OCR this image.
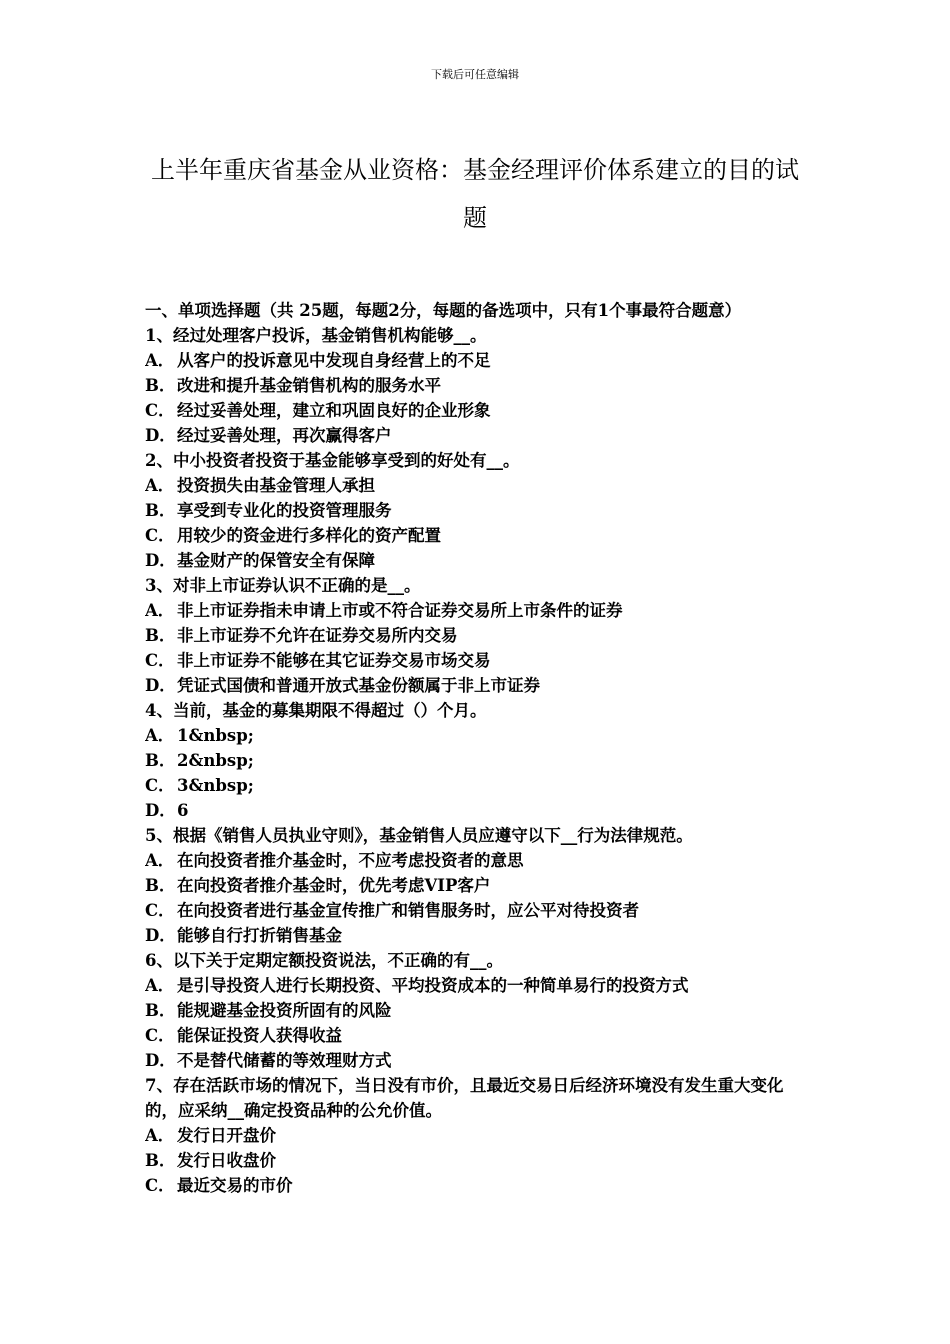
下载后可任意编辑
上半年重庆省基金从业资格：基金经理评价体系建立的目的试题
一、单项选择题（共 25题，每题2分，每题的备选项中，只有1个事最符合题意）
1、经过处理客户投诉，基金销售机构能够__。
A． 从客户的投诉意见中发现自身经营上的不足
B．改进和提升基金销售机构的服务水平
C． 经过妥善处理，建立和巩固良好的企业形象
D．经过妥善处理，再次赢得客户
2、中小投资者投资于基金能够享受到的好处有__。
A． 投资损失由基金管理人承担
B．享受到专业化的投资管理服务
C． 用较少的资金进行多样化的资产配置
D．基金财产的保管安全有保障
3、对非上市证券认识不正确的是__。
A． 非上市证券指未申请上市或不符合证券交易所上市条件的证券
B．非上市证券不允许在证券交易所内交易
C． 非上市证券不能够在其它证券交易市场交易
D．凭证式国债和普通开放式基金份额属于非上市证券
4、当前，基金的募集期限不得超过（）个月。
A． 1&nbsp;
B．2&nbsp;
C． 3&nbsp;
D．6
5、根据《销售人员执业守则》，基金销售人员应遵守以下__行为法律规范。
A． 在向投资者推介基金时，不应考虑投资者的意思
B．在向投资者推介基金时，优先考虑VIP客户
C． 在向投资者进行基金宣传推广和销售服务时，应公平对待投资者
D．能够自行打折销售基金
6、以下关于定期定额投资说法，不正确的有__。
A． 是引导投资人进行长期投资、平均投资成本的一种简单易行的投资方式
B．能规避基金投资所固有的风险
C． 能保证投资人获得收益
D．不是替代储蓄的等效理财方式
7、存在活跃市场的情况下，当日没有市价，且最近交易日后经济环境没有发生重大变化的，应采纳__确定投资品种的公允价值。
A． 发行日开盘价
B．发行日收盘价
C． 最近交易的市价
